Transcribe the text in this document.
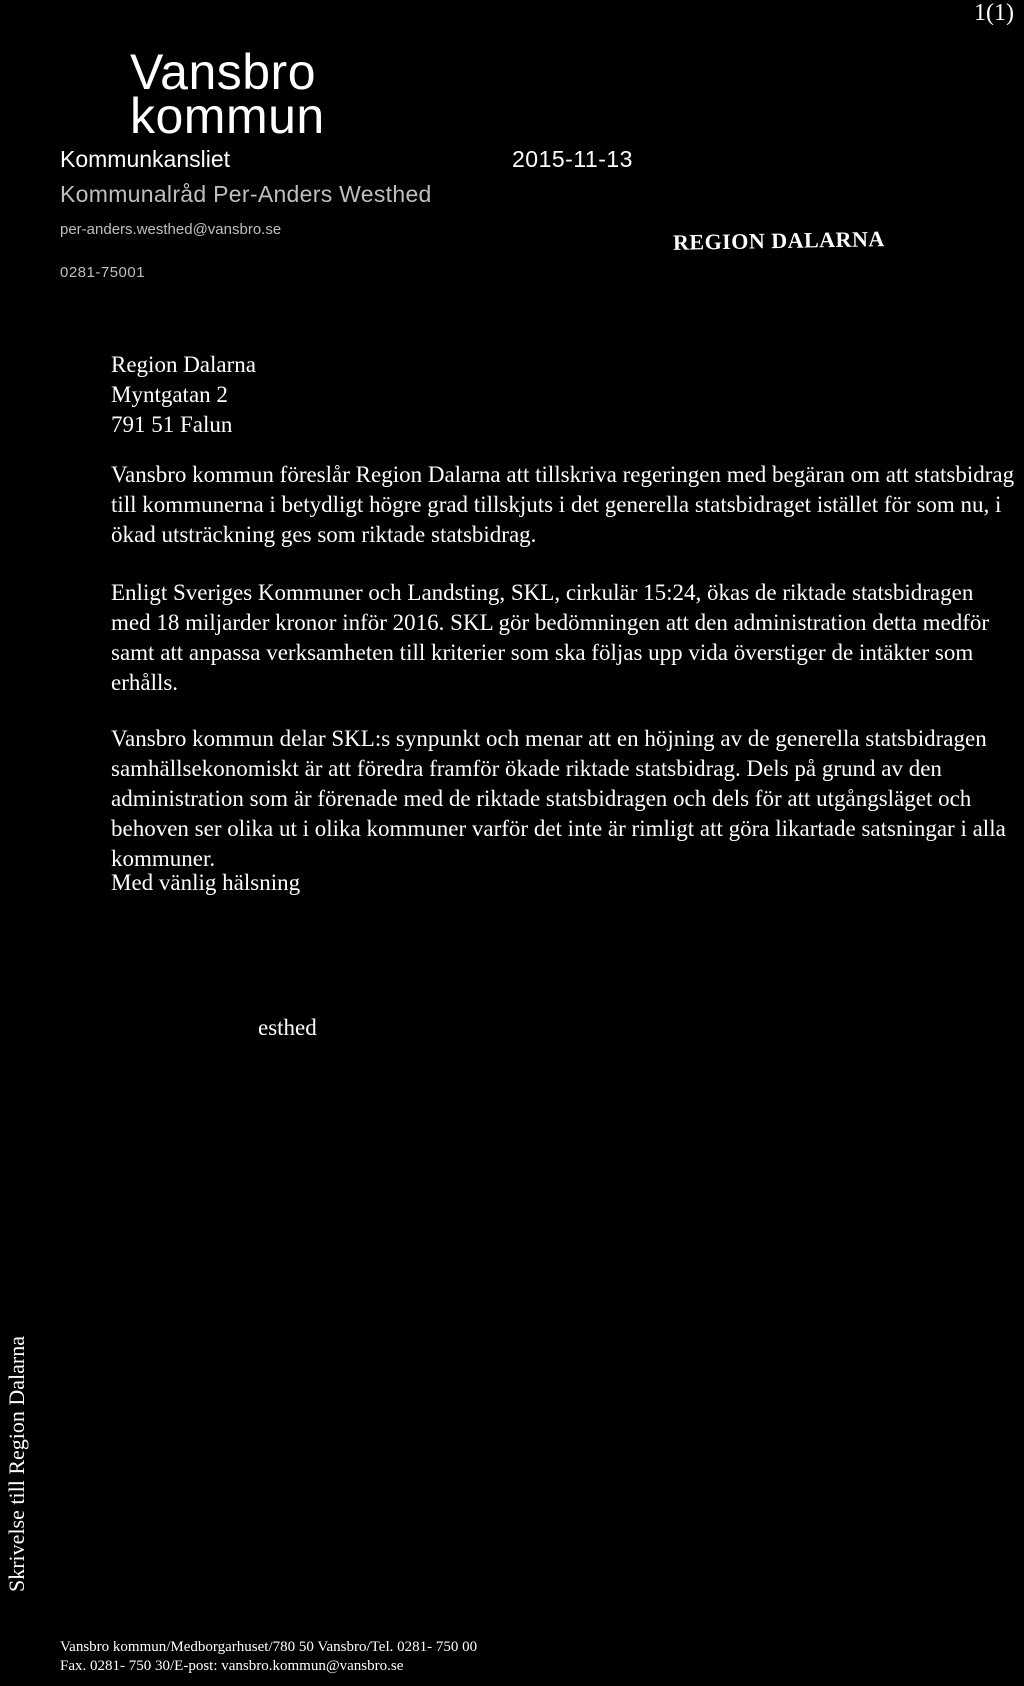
1(1)
Vansbro
kommun
Kommunkansliet	2015-11-13
Kommunalråd Per-Anders Westhed
per-anders.westhed@vansbro.se
0281-75001
REGION DALARNA
Region Dalarna
Myntgatan 2
791 51 Falun

Vansbro kommun föreslår Region Dalarna att tillskriva regeringen med begäran om att statsbidrag till kommunerna i betydligt högre grad tillskjuts i det generella statsbidraget istället för som nu, i ökad utsträckning ges som riktade statsbidrag.

Enligt Sveriges Kommuner och Landsting, SKL, cirkulär 15:24, ökas de riktade statsbidragen med 18 miljarder kronor inför 2016. SKL gör bedömningen att den administration detta medför samt att anpassa verksamheten till kriterier som ska följas upp vida överstiger de intäkter som erhålls.

Vansbro kommun delar SKL:s synpunkt och menar att en höjning av de generella statsbidragen samhällsekonomiskt är att föredra framför ökade riktade statsbidrag. Dels på grund av den administration som är förenade med de riktade statsbidragen och dels för att utgångsläget och behoven ser olika ut i olika kommuner varför det inte är rimligt att göra likartade satsningar i alla kommuner.

Med vänlig hälsning
esthed
Skrivelse till Region Dalarna
Vansbro kommun/Medborgarhuset/780 50 Vansbro/Tel. 0281- 750 00
Fax. 0281- 750 30/E-post: vansbro.kommun@vansbro.se
